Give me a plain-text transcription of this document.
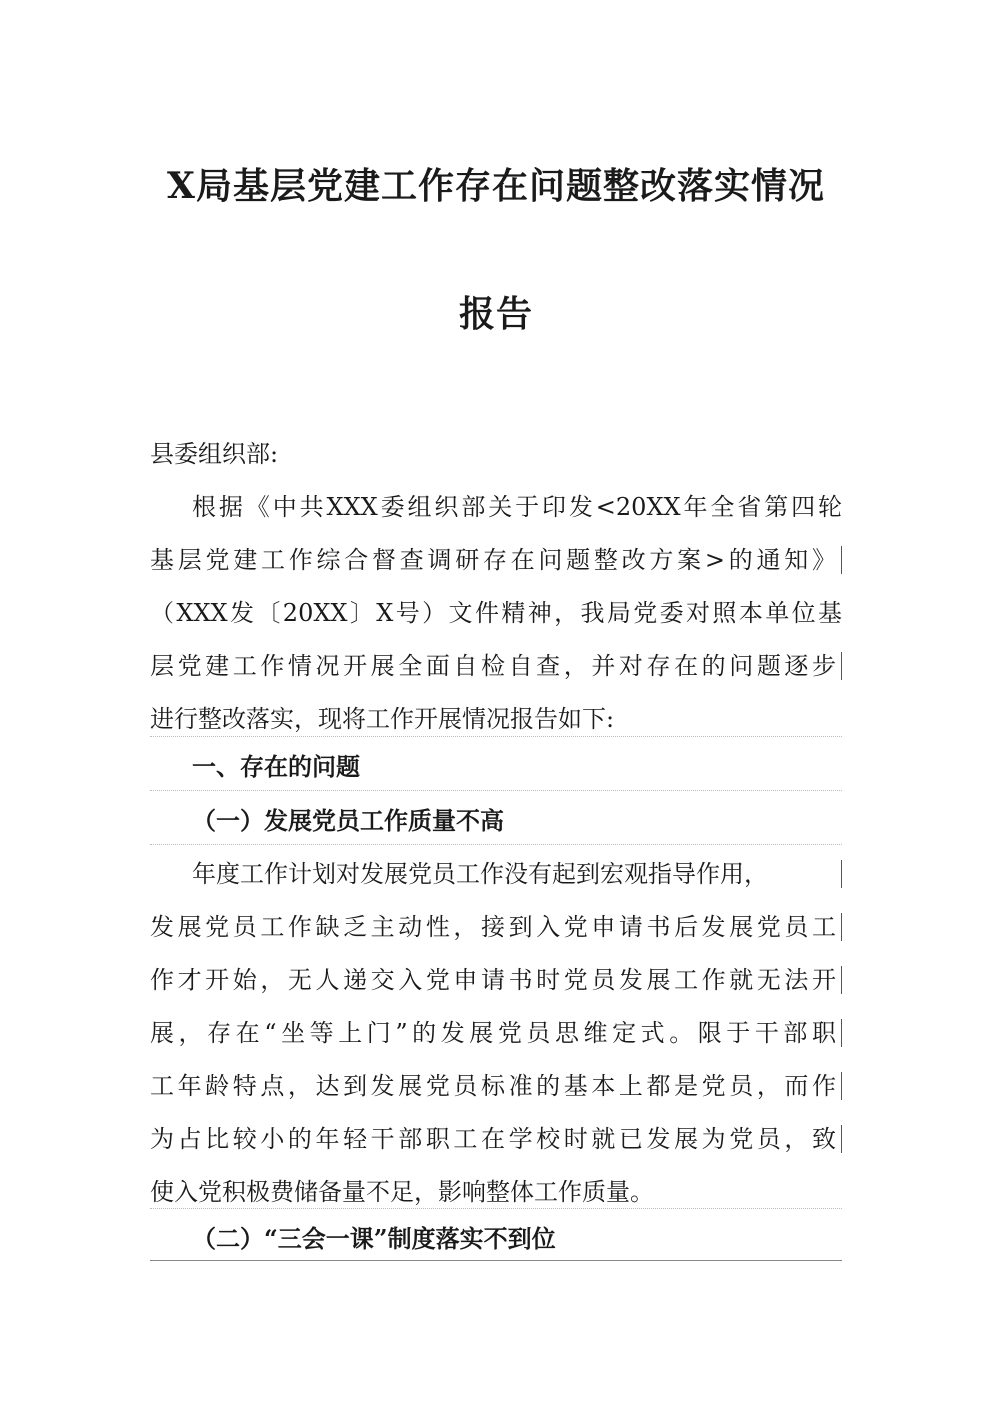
X局基层党建工作存在问题整改落实情况
报告
县委组织部:
根据《中共XXX委组织部关于印发<20XX年全省第四轮
基层党建工作综合督查调研存在问题整改方案>的通知》
（XXX发〔20XX〕X号）文件精神，我局党委对照本单位基
层党建工作情况开展全面自检自查，并对存在的问题逐步
进行整改落实，现将工作开展情况报告如下:
一、存在的问题
（一）发展党员工作质量不高
年度工作计划对发展党员工作没有起到宏观指导作用，
发展党员工作缺乏主动性，接到入党申请书后发展党员工
作才开始，无人递交入党申请书时党员发展工作就无法开
展，存在“坐等上门”的发展党员思维定式。限于干部职
工年龄特点，达到发展党员标准的基本上都是党员，而作
为占比较小的年轻干部职工在学校时就已发展为党员，致
使入党积极费储备量不足，影响整体工作质量。
（二）“三会一课”制度落实不到位
